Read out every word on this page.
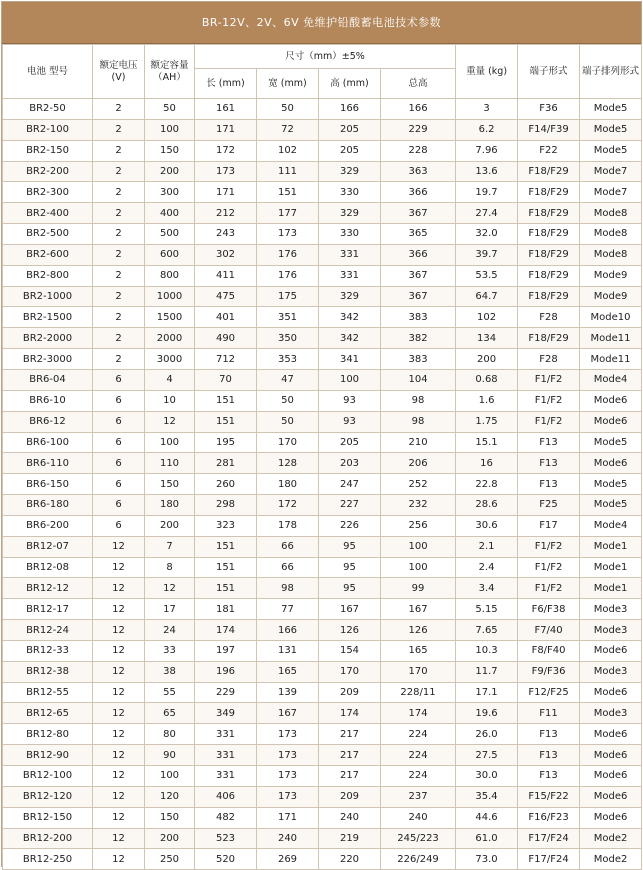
BR-12V、2V、6V 免维护铅酸蓄电池技术参数
电池 型号	额定电压(V)	额定容量（AH）	尺寸（mm）±5%				重量 (kg)	端子形式	端子排列形式
			长 (mm)	宽 (mm)	高 (mm)	总高			
BR2-50	2	50	161	50	166	166	3	F36	Mode5
BR2-100	2	100	171	72	205	229	6.2	F14/F39	Mode5
BR2-150	2	150	172	102	205	228	7.96	F22	Mode5
BR2-200	2	200	173	111	329	363	13.6	F18/F29	Mode7
BR2-300	2	300	171	151	330	366	19.7	F18/F29	Mode7
BR2-400	2	400	212	177	329	367	27.4	F18/F29	Mode8
BR2-500	2	500	243	173	330	365	32.0	F18/F29	Mode8
BR2-600	2	600	302	176	331	366	39.7	F18/F29	Mode8
BR2-800	2	800	411	176	331	367	53.5	F18/F29	Mode9
BR2-1000	2	1000	475	175	329	367	64.7	F18/F29	Mode9
BR2-1500	2	1500	401	351	342	383	102	F28	Mode10
BR2-2000	2	2000	490	350	342	382	134	F18/F29	Mode11
BR2-3000	2	3000	712	353	341	383	200	F28	Mode11
BR6-04	6	4	70	47	100	104	0.68	F1/F2	Mode4
BR6-10	6	10	151	50	93	98	1.6	F1/F2	Mode6
BR6-12	6	12	151	50	93	98	1.75	F1/F2	Mode6
BR6-100	6	100	195	170	205	210	15.1	F13	Mode5
BR6-110	6	110	281	128	203	206	16	F13	Mode6
BR6-150	6	150	260	180	247	252	22.8	F13	Mode5
BR6-180	6	180	298	172	227	232	28.6	F25	Mode5
BR6-200	6	200	323	178	226	256	30.6	F17	Mode4
BR12-07	12	7	151	66	95	100	2.1	F1/F2	Mode1
BR12-08	12	8	151	66	95	100	2.4	F1/F2	Mode1
BR12-12	12	12	151	98	95	99	3.4	F1/F2	Mode1
BR12-17	12	17	181	77	167	167	5.15	F6/F38	Mode3
BR12-24	12	24	174	166	126	126	7.65	F7/40	Mode3
BR12-33	12	33	197	131	154	165	10.3	F8/F40	Mode6
BR12-38	12	38	196	165	170	170	11.7	F9/F36	Mode3
BR12-55	12	55	229	139	209	228/11	17.1	F12/F25	Mode6
BR12-65	12	65	349	167	174	174	19.6	F11	Mode3
BR12-80	12	80	331	173	217	224	26.0	F13	Mode6
BR12-90	12	90	331	173	217	224	27.5	F13	Mode6
BR12-100	12	100	331	173	217	224	30.0	F13	Mode6
BR12-120	12	120	406	173	209	237	35.4	F15/F22	Mode6
BR12-150	12	150	482	171	240	240	44.6	F16/F23	Mode6
BR12-200	12	200	523	240	219	245/223	61.0	F17/F24	Mode2
BR12-250	12	250	520	269	220	226/249	73.0	F17/F24	Mode2
